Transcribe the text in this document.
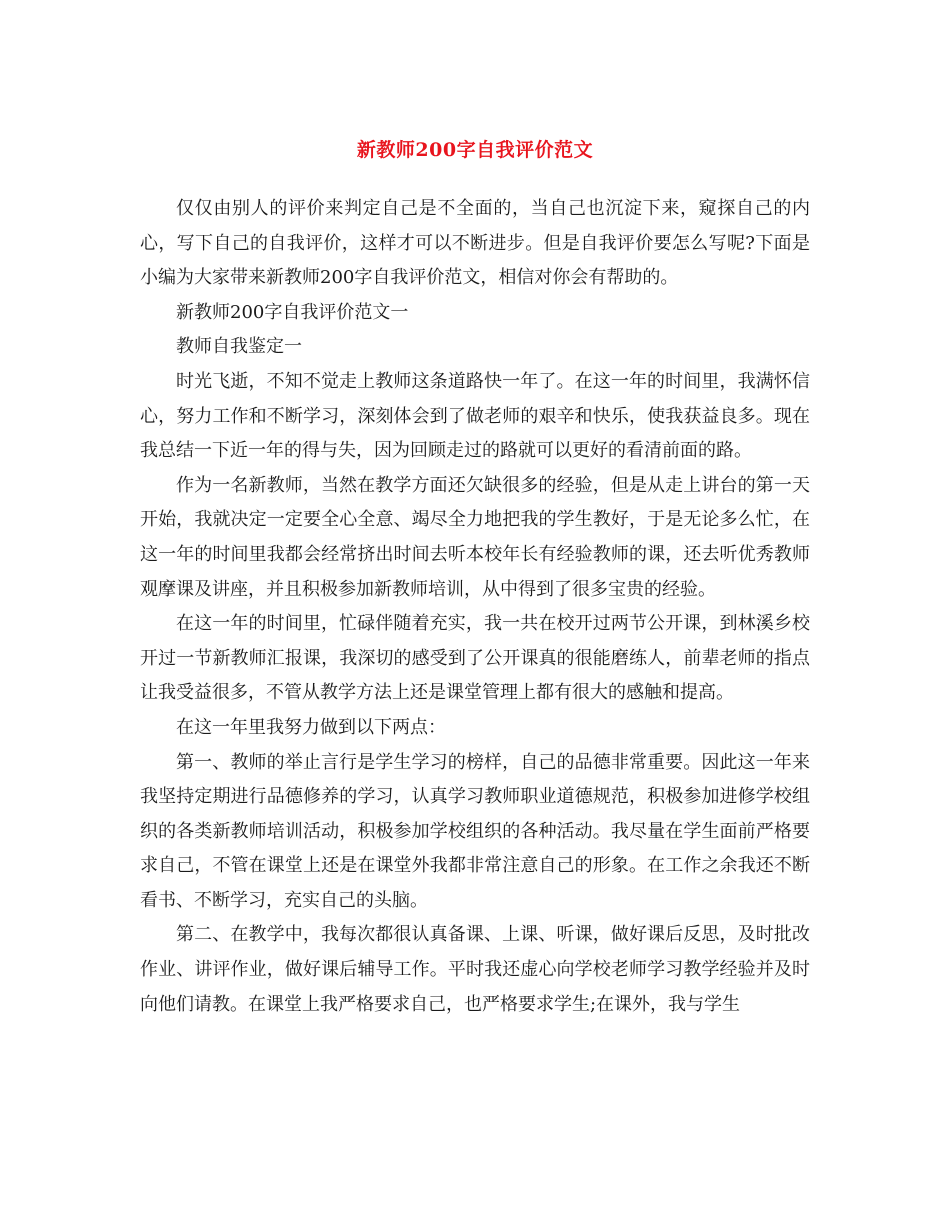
新教师200字自我评价范文

仅仅由别人的评价来判定自己是不全面的，当自己也沉淀下来，窥探自己的内心，写下自己的自我评价，这样才可以不断进步。但是自我评价要怎么写呢?下面是小编为大家带来新教师200字自我评价范文，相信对你会有帮助的。

新教师200字自我评价范文一

教师自我鉴定一

时光飞逝，不知不觉走上教师这条道路快一年了。在这一年的时间里，我满怀信心，努力工作和不断学习，深刻体会到了做老师的艰辛和快乐，使我获益良多。现在我总结一下近一年的得与失，因为回顾走过的路就可以更好的看清前面的路。

作为一名新教师，当然在教学方面还欠缺很多的经验，但是从走上讲台的第一天开始，我就决定一定要全心全意、竭尽全力地把我的学生教好，于是无论多么忙，在这一年的时间里我都会经常挤出时间去听本校年长有经验教师的课，还去听优秀教师观摩课及讲座，并且积极参加新教师培训，从中得到了很多宝贵的经验。

在这一年的时间里，忙碌伴随着充实，我一共在校开过两节公开课，到林溪乡校开过一节新教师汇报课，我深切的感受到了公开课真的很能磨练人，前辈老师的指点让我受益很多，不管从教学方法上还是课堂管理上都有很大的感触和提高。

在这一年里我努力做到以下两点：

第一、教师的举止言行是学生学习的榜样，自己的品德非常重要。因此这一年来我坚持定期进行品德修养的学习，认真学习教师职业道德规范，积极参加进修学校组织的各类新教师培训活动，积极参加学校组织的各种活动。我尽量在学生面前严格要求自己，不管在课堂上还是在课堂外我都非常注意自己的形象。在工作之余我还不断看书、不断学习，充实自己的头脑。

第二、在教学中，我每次都很认真备课、上课、听课，做好课后反思，及时批改作业、讲评作业，做好课后辅导工作。平时我还虚心向学校老师学习教学经验并及时向他们请教。在课堂上我严格要求自己，也严格要求学生;在课外，我与学生
